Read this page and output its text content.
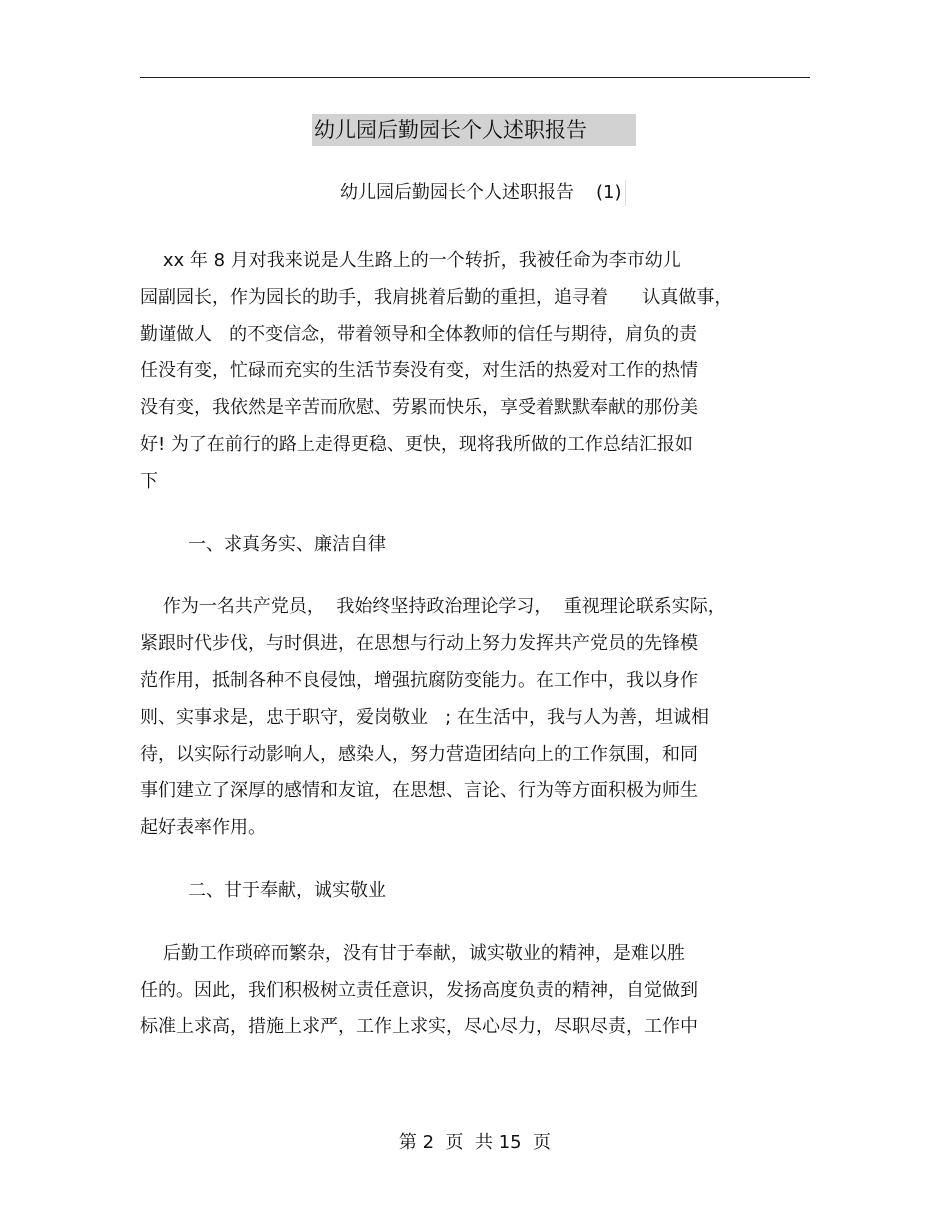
幼儿园后勤园长个人述职报告
幼儿园后勤园长个人述职报告 (1)
xx 年 8 月对我来说是人生路上的一个转折，我被任命为李市幼儿
园副园长，作为园长的助手，我肩挑着后勤的重担，追寻着      认真做事，
勤谨做人   的不变信念，带着领导和全体教师的信任与期待，肩负的责
任没有变，忙碌而充实的生活节奏没有变，对生活的热爱对工作的热情
没有变，我依然是辛苦而欣慰、劳累而快乐，享受着默默奉献的那份美
好! 为了在前行的路上走得更稳、更快，现将我所做的工作总结汇报如
下
一、求真务实、廉洁自律
作为一名共产党员，  我始终坚持政治理论学习，  重视理论联系实际，
紧跟时代步伐，与时俱进，在思想与行动上努力发挥共产党员的先锋模
范作用，抵制各种不良侵蚀，增强抗腐防变能力。在工作中，我以身作
则、实事求是，忠于职守，爱岗敬业   ; 在生活中，我与人为善，坦诚相
待，以实际行动影响人，感染人，努力营造团结向上的工作氛围，和同
事们建立了深厚的感情和友谊，在思想、言论、行为等方面积极为师生
起好表率作用。
二、甘于奉献，诚实敬业
后勤工作琐碎而繁杂，没有甘于奉献，诚实敬业的精神，是难以胜
任的。因此，我们积极树立责任意识，发扬高度负责的精神，自觉做到
标准上求高，措施上求严，工作上求实，尽心尽力，尽职尽责，工作中
第 2  页  共 15  页
